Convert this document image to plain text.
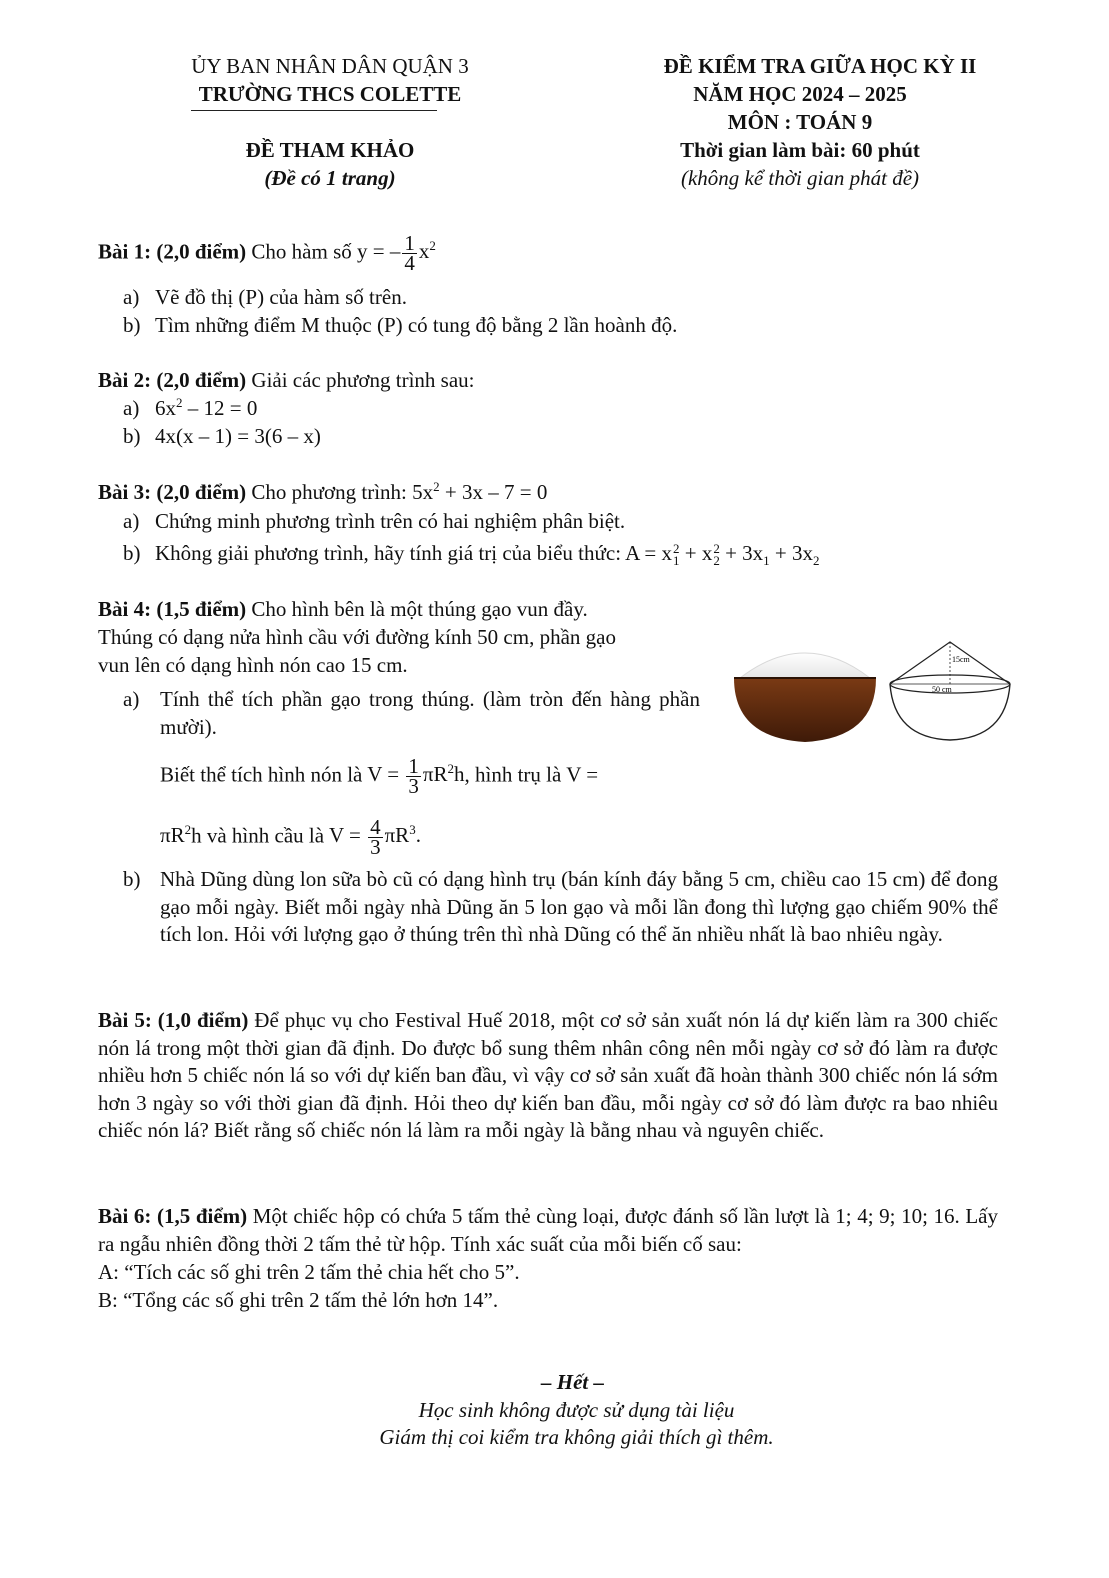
ỦY BAN NHÂN DÂN QUẬN 3
TRƯỜNG THCS COLETTE
ĐỀ THAM KHẢO
(Đề có 1 trang)
ĐỀ KIỂM TRA GIỮA HỌC KỲ II
NĂM HỌC 2024 – 2025
MÔN : TOÁN 9
Thời gian làm bài: 60 phút
(không kể thời gian phát đề)
Bài 1: (2,0 điểm) Cho hàm số y = – $\frac{1}{4} x^2$
a) Vẽ đồ thị (P) của hàm số trên.
b) Tìm những điểm M thuộc (P) có tung độ bằng 2 lần hoành độ.
Bài 2: (2,0 điểm) Giải các phương trình sau:
a) $6x^2 - 12 = 0$
b) 4x(x – 1) = 3(6 – x)
Bài 3: (2,0 điểm) Cho phương trình: $5x^2 + 3x - 7 = 0$
a) Chứng minh phương trình trên có hai nghiệm phân biệt.
b) Không giải phương trình, hãy tính giá trị của biểu thức: A = x 2
1 + x 2
$2 + 3x_1 + 3x_2$
Bài 4: (1,5 điểm) Cho hình bên là một thúng gạo vun đầy.
Thúng có dạng nửa hình cầu với đường kính 50 cm, phần gạo
vun lên có dạng hình nón cao 15 cm.
a) Tính thể tích phần gạo trong thúng. (làm tròn đến hàng phần mười).
Biết thể tích hình nón là $V = \frac{1}{3} \pi R^2h$, hình trụ là V =
$\pi R^2h$ và hình cầu là $V = \frac{4}{3} \pi R^3$.
15cm
50 cm
b) Nhà Dũng dùng lon sữa bò cũ có dạng hình trụ (bán kính đáy bằng 5 cm, chiều cao 15 cm) để đong gạo mỗi ngày. Biết mỗi ngày nhà Dũng ăn 5 lon gạo và mỗi lần đong thì lượng gạo chiếm 90% thể tích lon. Hỏi với lượng gạo ở thúng trên thì nhà Dũng có thể ăn nhiều nhất là bao nhiêu ngày.
Bài 5: (1,0 điểm) Để phục vụ cho Festival Huế 2018, một cơ sở sản xuất nón lá dự kiến làm ra 300 chiếc nón lá trong một thời gian đã định. Do được bổ sung thêm nhân công nên mỗi ngày cơ sở đó làm ra được nhiều hơn 5 chiếc nón lá so với dự kiến ban đầu, vì vậy cơ sở sản xuất đã hoàn thành 300 chiếc nón lá sớm hơn 3 ngày so với thời gian đã định. Hỏi theo dự kiến ban đầu, mỗi ngày cơ sở đó làm được ra bao nhiêu chiếc nón lá? Biết rằng số chiếc nón lá làm ra mỗi ngày là bằng nhau và nguyên chiếc.
Bài 6: (1,5 điểm) Một chiếc hộp có chứa 5 tấm thẻ cùng loại, được đánh số lần lượt là 1; 4; 9; 10; 16. Lấy ra ngẫu nhiên đồng thời 2 tấm thẻ từ hộp. Tính xác suất của mỗi biến cố sau:
A: “Tích các số ghi trên 2 tấm thẻ chia hết cho 5”.
B: “Tổng các số ghi trên 2 tấm thẻ lớn hơn 14”.
– Hết –
Học sinh không được sử dụng tài liệu
Giám thị coi kiểm tra không giải thích gì thêm.
